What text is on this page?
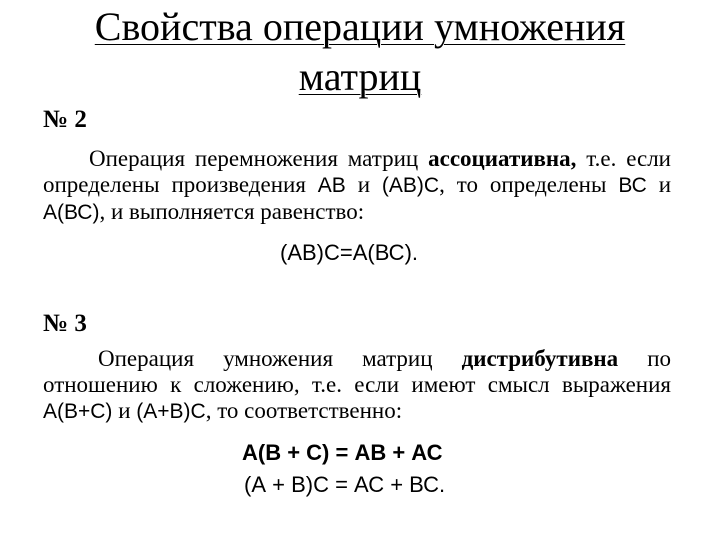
Свойства операции умножения матриц
№ 2
Операция перемножения матриц ассоциативна, т.е. если определены произведения АВ и (АВ)С, то определены ВС и А(ВС), и выполняется равенство:
(АВ)С=А(ВС).
№ 3
Операция умножения матриц дистрибутивна по отношению к сложению, т.е. если имеют смысл выражения А(В+С) и (А+В)С, то соответственно:
А(В + С) = АВ + АС
(А + В)С = АС + ВС.
